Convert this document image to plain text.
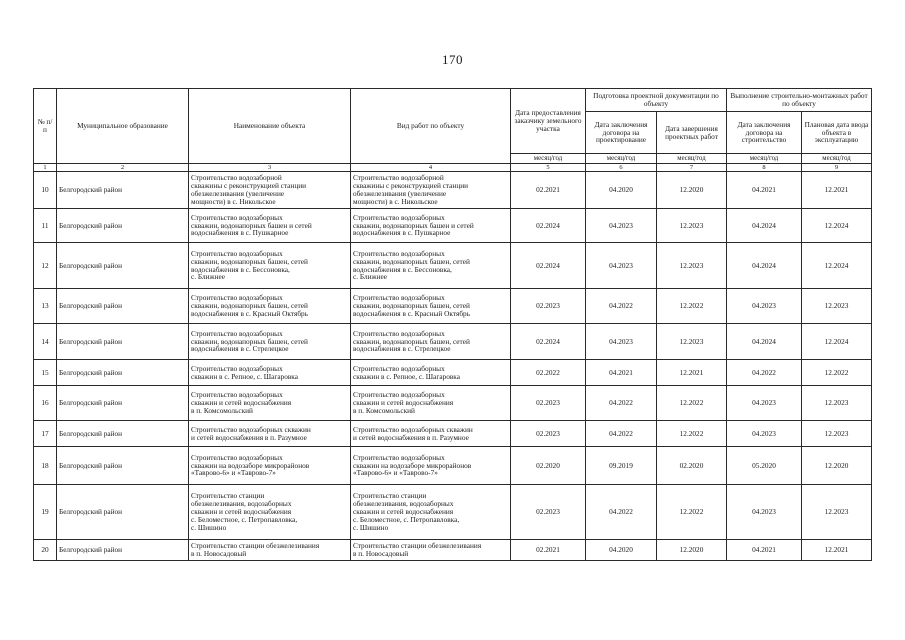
170
№ п/п	Муниципальное образование	Наименование объекта	Вид работ по объекту	Дата предоставления заказчику земельного участка	Подготовка проектной документации по объекту		Выполнение строительно-монтажных работ по объекту	
					Дата заключения договора на проектирование	Дата завершения проектных работ	Дата заключения договора на строительство	Плановая дата ввода объекта в эксплуатацию
				месяц/год	месяц/год	месяц/год	месяц/год	месяц/год
1	2	3	4	5	6	7	8	9
10	Белгородский район	Строительство водозаборной
скважины с реконструкцией станции
обезжелезивания (увеличение
мощности) в с. Никольское	Строительство водозаборной
скважины с реконструкцией станции
обезжелезивания (увеличение
мощности) в с. Никольское	02.2021	04.2020	12.2020	04.2021	12.2021
11	Белгородский район	Строительство водозаборных
скважин, водонапорных башен и сетей
водоснабжения в с. Пушкарное	Строительство водозаборных
скважин, водонапорных башен и сетей
водоснабжения в с. Пушкарное	02.2024	04.2023	12.2023	04.2024	12.2024
12	Белгородский район	Строительство водозаборных
скважин, водонапорных башен, сетей
водоснабжения в с. Бессоновка,
с. Ближнее	Строительство водозаборных
скважин, водонапорных башен, сетей
водоснабжения в с. Бессоновка,
с. Ближнее	02.2024	04.2023	12.2023	04.2024	12.2024
13	Белгородский район	Строительство водозаборных
скважин, водонапорных башен, сетей
водоснабжения в с. Красный Октябрь	Строительство водозаборных
скважин, водонапорных башен, сетей
водоснабжения в с. Красный Октябрь	02.2023	04.2022	12.2022	04.2023	12.2023
14	Белгородский район	Строительство водозаборных
скважин, водонапорных башен, сетей
водоснабжения в с. Стрелецкое	Строительство водозаборных
скважин, водонапорных башен, сетей
водоснабжения в с. Стрелецкое	02.2024	04.2023	12.2023	04.2024	12.2024
15	Белгородский район	Строительство водозаборных
скважин в с. Репное, с. Шагаровка	Строительство водозаборных
скважин в с. Репное, с. Шагаровка	02.2022	04.2021	12.2021	04.2022	12.2022
16	Белгородский район	Строительство водозаборных
скважин и сетей водоснабжения
в п. Комсомольский	Строительство водозаборных
скважин и сетей водоснабжения
в п. Комсомольский	02.2023	04.2022	12.2022	04.2023	12.2023
17	Белгородский район	Строительство водозаборных скважин
и сетей водоснабжения в п. Разумное	Строительство водозаборных скважин
и сетей водоснабжения в п. Разумное	02.2023	04.2022	12.2022	04.2023	12.2023
18	Белгородский район	Строительство водозаборных
скважин на водозаборе микрорайонов
«Таврово-6» и «Таврово-7»	Строительство водозаборных
скважин на водозаборе микрорайонов
«Таврово-6» и «Таврово-7»	02.2020	09.2019	02.2020	05.2020	12.2020
19	Белгородский район	Строительство станции
обезжелезивания, водозаборных
скважин и сетей водоснабжения
с. Беломестное, с. Петропавловка,
с. Шишино	Строительство станции
обезжелезивания, водозаборных
скважин и сетей водоснабжения
с. Беломестное, с. Петропавловка,
с. Шишино	02.2023	04.2022	12.2022	04.2023	12.2023
20	Белгородский район	Строительство станции обезжелезивания
в п. Новосадовый	Строительство станции обезжелезивания
в п. Новосадовый	02.2021	04.2020	12.2020	04.2021	12.2021
